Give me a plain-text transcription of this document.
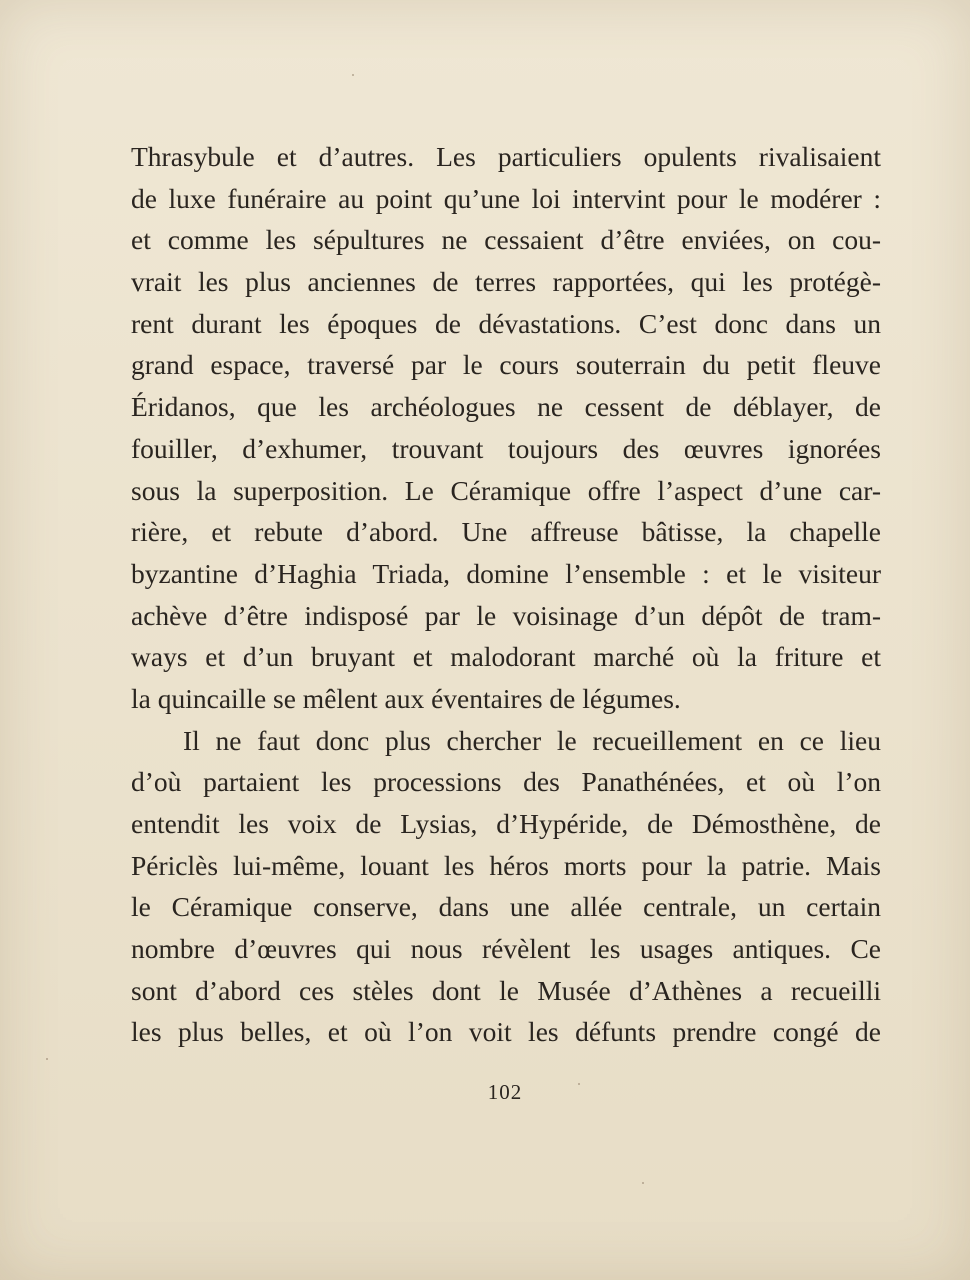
Thrasybule et d’autres. Les particuliers opulents rivalisaient
de luxe funéraire au point qu’une loi intervint pour le modérer :
et comme les sépultures ne cessaient d’être enviées, on cou-
vrait les plus anciennes de terres rapportées, qui les protégè-
rent durant les époques de dévastations. C’est donc dans un
grand espace, traversé par le cours souterrain du petit fleuve
Éridanos, que les archéologues ne cessent de déblayer, de
fouiller, d’exhumer, trouvant toujours des œuvres ignorées
sous la superposition. Le Céramique offre l’aspect d’une car-
rière, et rebute d’abord. Une affreuse bâtisse, la chapelle
byzantine d’Haghia Triada, domine l’ensemble : et le visiteur
achève d’être indisposé par le voisinage d’un dépôt de tram-
ways et d’un bruyant et malodorant marché où la friture et
la quincaille se mêlent aux éventaires de légumes.
Il ne faut donc plus chercher le recueillement en ce lieu
d’où partaient les processions des Panathénées, et où l’on
entendit les voix de Lysias, d’Hypéride, de Démosthène, de
Périclès lui-même, louant les héros morts pour la patrie. Mais
le Céramique conserve, dans une allée centrale, un certain
nombre d’œuvres qui nous révèlent les usages antiques. Ce
sont d’abord ces stèles dont le Musée d’Athènes a recueilli
les plus belles, et où l’on voit les défunts prendre congé de
102
